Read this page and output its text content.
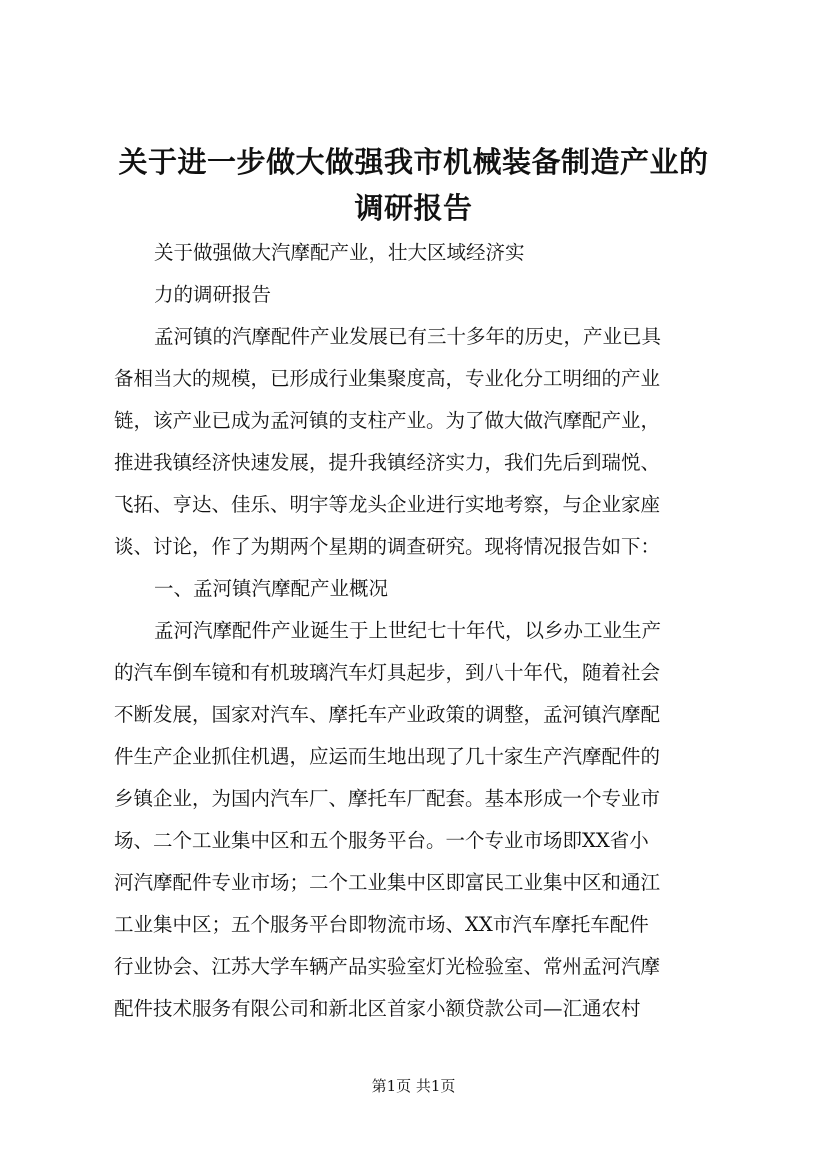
关于进一步做大做强我市机械装备制造产业的
调研报告
关于做强做大汽摩配产业，壮大区域经济实
力的调研报告
孟河镇的汽摩配件产业发展已有三十多年的历史，产业已具
备相当大的规模，已形成行业集聚度高，专业化分工明细的产业
链，该产业已成为孟河镇的支柱产业。为了做大做汽摩配产业，
推进我镇经济快速发展，提升我镇经济实力，我们先后到瑞悦、
飞拓、亨达、佳乐、明宇等龙头企业进行实地考察，与企业家座
谈、讨论，作了为期两个星期的调查研究。现将情况报告如下：
一、孟河镇汽摩配产业概况
孟河汽摩配件产业诞生于上世纪七十年代，以乡办工业生产
的汽车倒车镜和有机玻璃汽车灯具起步，到八十年代，随着社会
不断发展，国家对汽车、摩托车产业政策的调整，孟河镇汽摩配
件生产企业抓住机遇，应运而生地出现了几十家生产汽摩配件的
乡镇企业，为国内汽车厂、摩托车厂配套。基本形成一个专业市
场、二个工业集中区和五个服务平台。一个专业市场即XX省小
河汽摩配件专业市场；二个工业集中区即富民工业集中区和通江
工业集中区；五个服务平台即物流市场、XX市汽车摩托车配件
行业协会、江苏大学车辆产品实验室灯光检验室、常州孟河汽摩
配件技术服务有限公司和新北区首家小额贷款公司—汇通农村
第1页 共1页
